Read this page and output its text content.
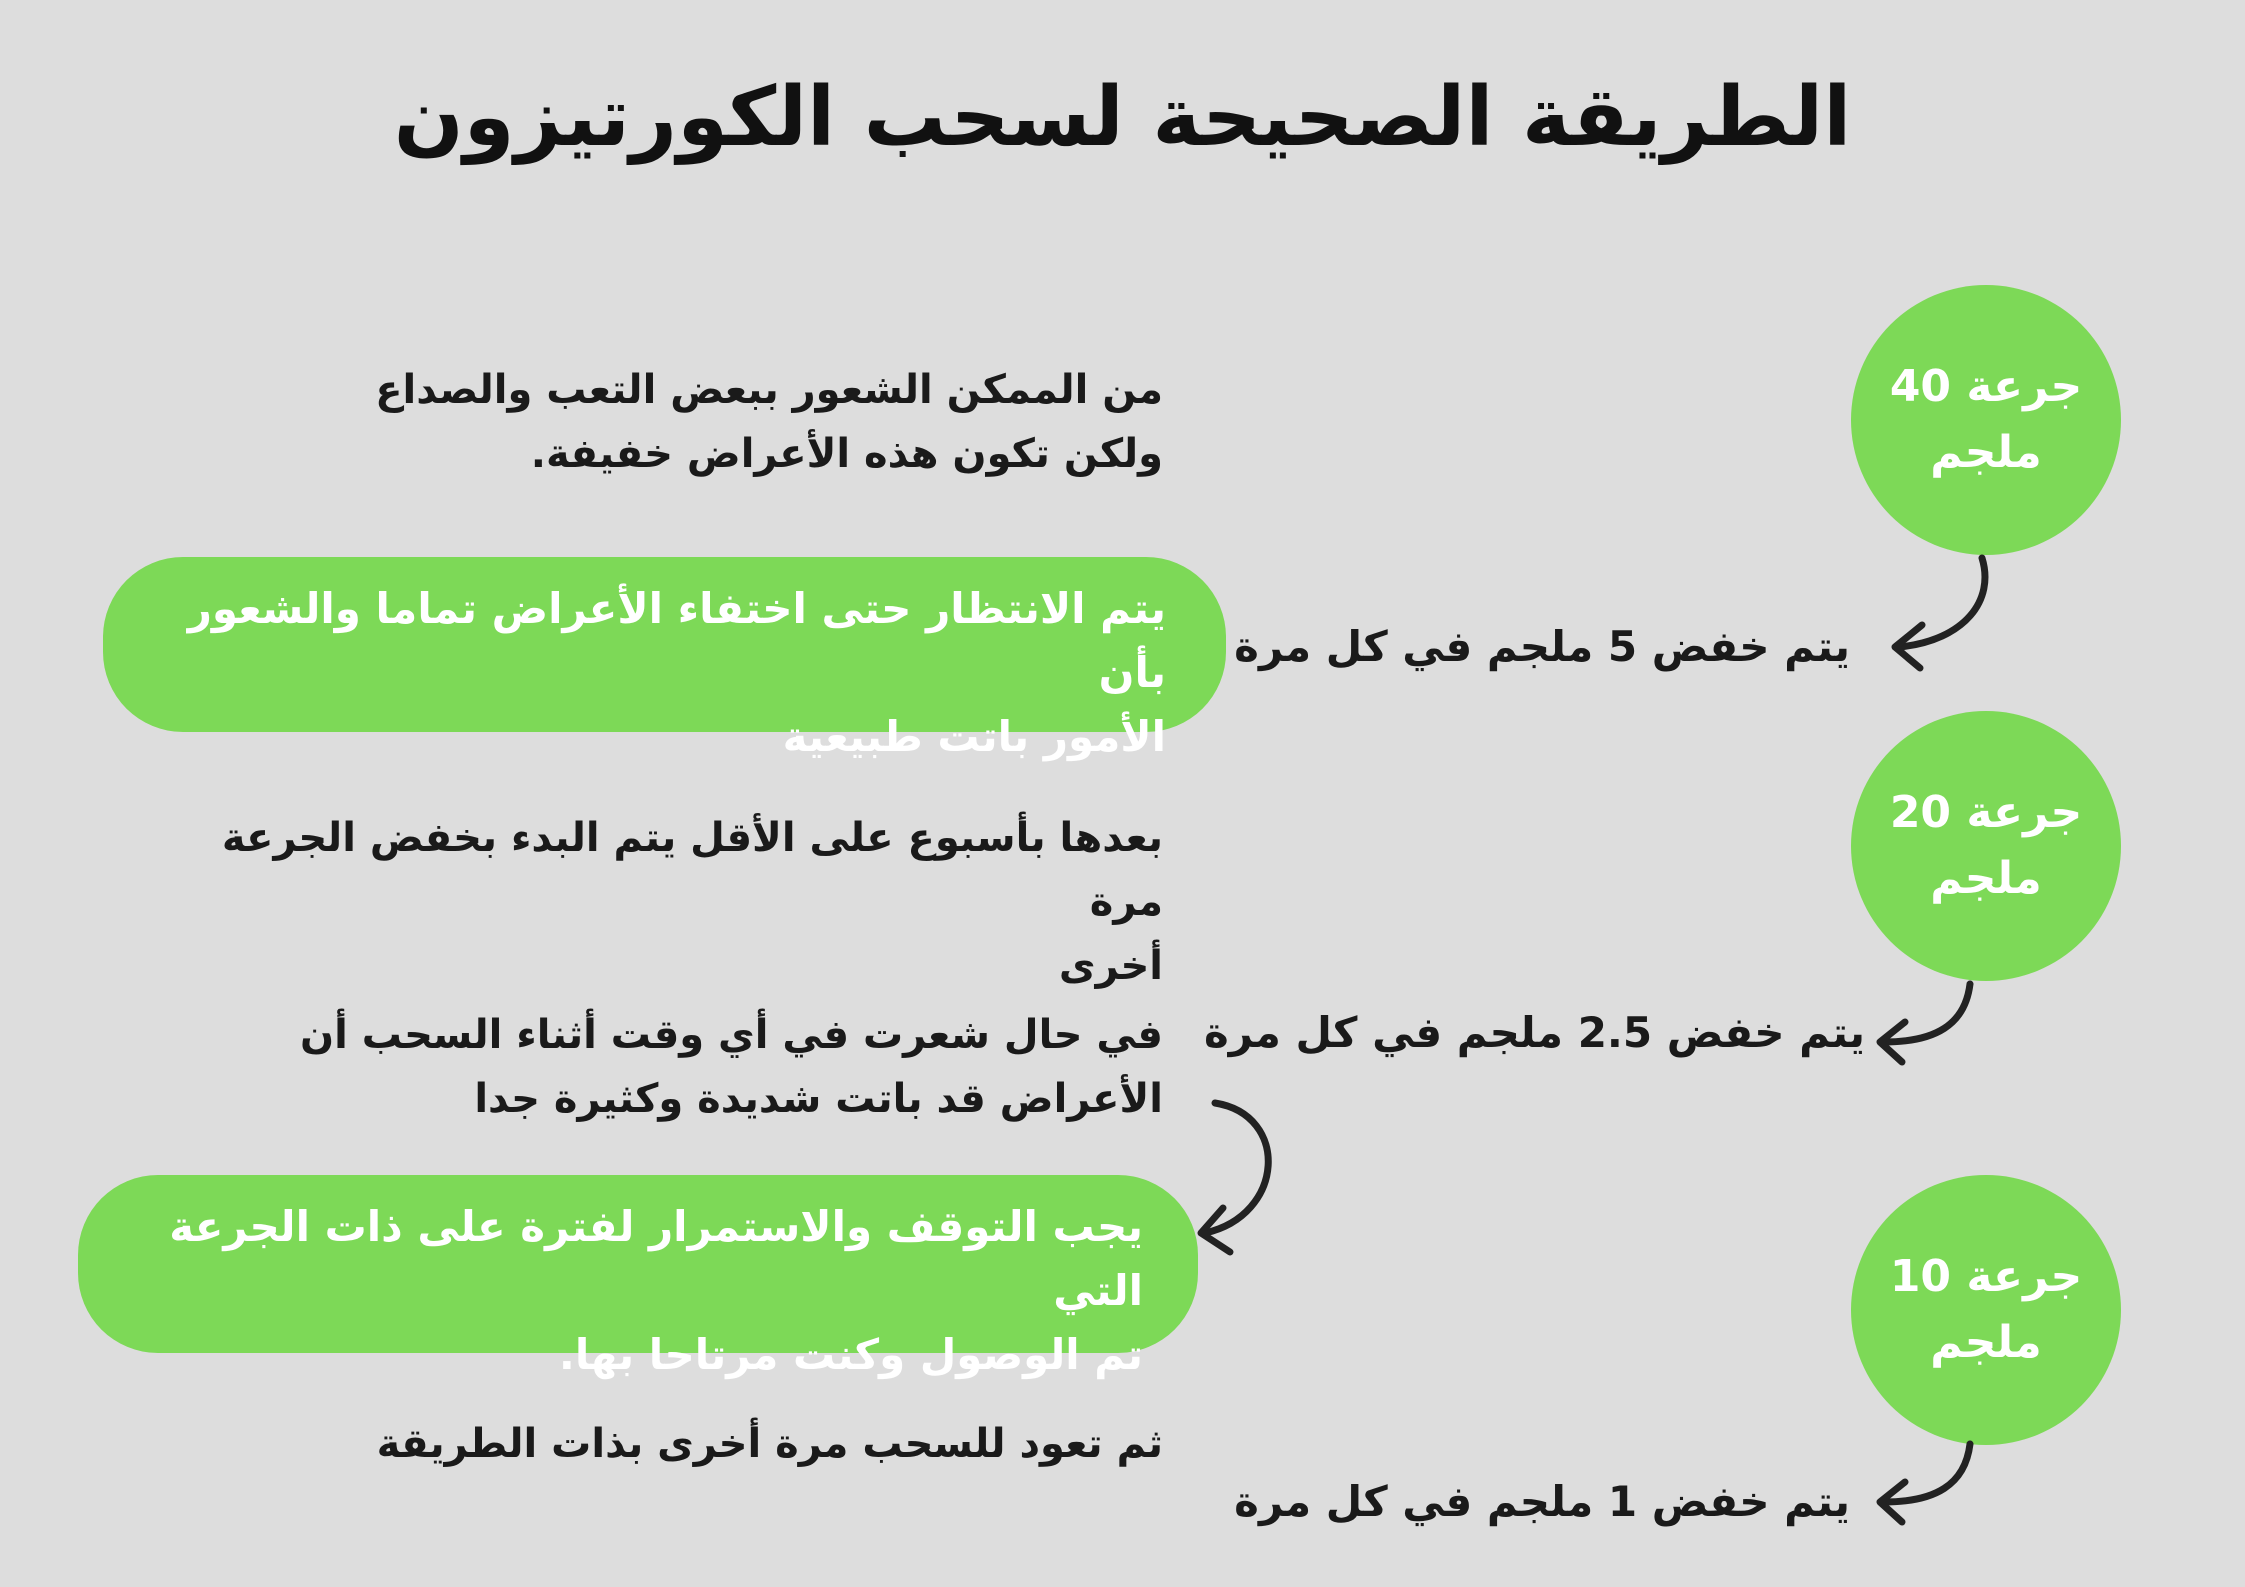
الطريقة الصحيحة لسحب الكورتيزون
جرعة 40
ملجم
جرعة 20
ملجم
جرعة 10
ملجم
يتم خفض 5 ملجم في كل مرة
يتم خفض 2.5 ملجم في كل مرة
يتم خفض 1 ملجم في كل مرة
من الممكن الشعور ببعض التعب والصداع
ولكن تكون هذه الأعراض خفيفة.
يتم الانتظار حتى اختفاء الأعراض تماما والشعور بأن
الأمور باتت طبيعية
بعدها بأسبوع على الأقل يتم البدء بخفض الجرعة مرة
أخرى
في حال شعرت في أي وقت أثناء السحب أن
الأعراض قد باتت شديدة وكثيرة جدا
يجب التوقف والاستمرار لفترة على ذات الجرعة التي
تم الوصول وكنت مرتاحا بها.
ثم تعود للسحب مرة أخرى بذات الطريقة
